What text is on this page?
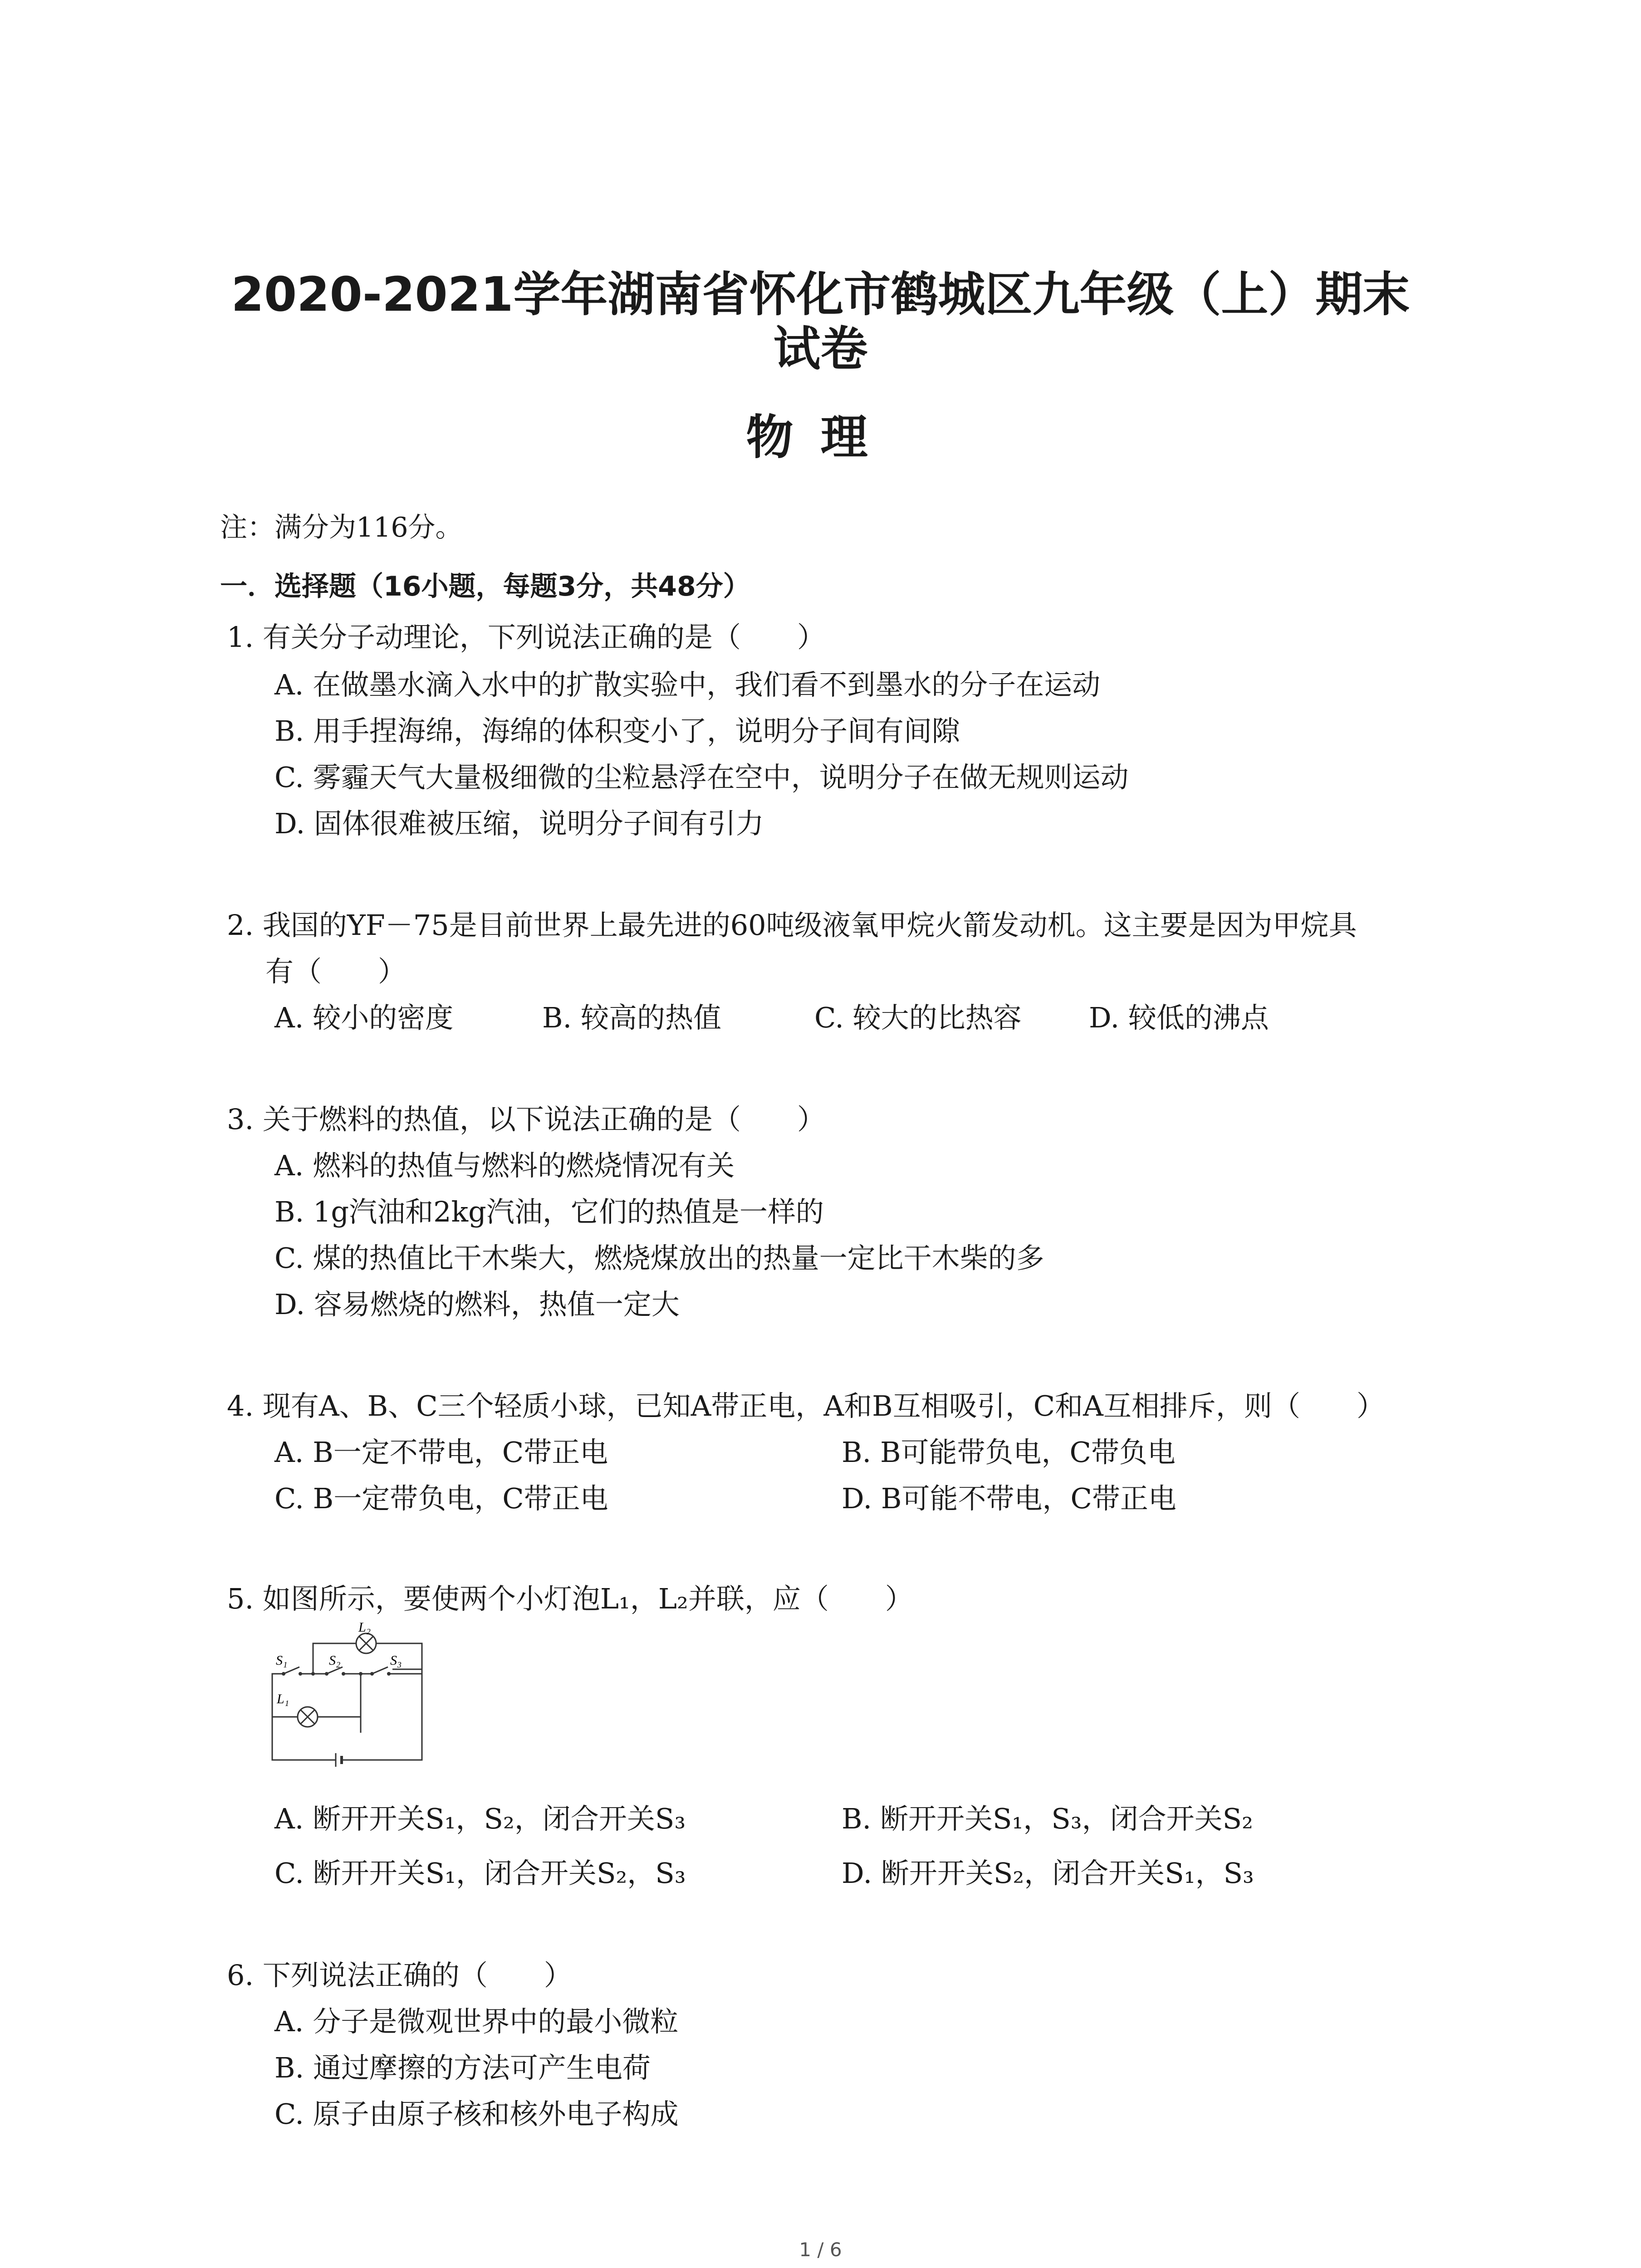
2020-2021学年湖南省怀化市鹤城区九年级（上）期末
试卷
物理
注：满分为116分。
一．选择题（16小题，每题3分，共48分）
1. 有关分子动理论，下列说法正确的是（　　）
A. 在做墨水滴入水中的扩散实验中，我们看不到墨水的分子在运动
B. 用手捏海绵，海绵的体积变小了，说明分子间有间隙
C. 雾霾天气大量极细微的尘粒悬浮在空中，说明分子在做无规则运动
D. 固体很难被压缩，说明分子间有引力
2. 我国的YF－75是目前世界上最先进的60吨级液氧甲烷火箭发动机。这主要是因为甲烷具
有（　　）
A. 较小的密度	B. 较高的热值	C. 较大的比热容 D. 较低的沸点
3. 关于燃料的热值，以下说法正确的是（　　）
A. 燃料的热值与燃料的燃烧情况有关
B. 1g汽油和2kg汽油，它们的热值是一样的
C. 煤的热值比干木柴大，燃烧煤放出的热量一定比干木柴的多
D. 容易燃烧的燃料，热值一定大
4. 现有A、B、C三个轻质小球，已知A带正电，A和B互相吸引，C和A互相排斥，则（　　）
A. B一定不带电，C带正电	B. B可能带负电，C带负电
C. B一定带负电，C带正电	D. B可能不带电，C带正电
5. 如图所示，要使两个小灯泡L₁，L₂并联，应（　　）
L₂
L₁
S₁	S₂	S₃
A. 断开开关S₁，S₂，闭合开关S₃	B. 断开开关S₁，S₃，闭合开关S₂
C. 断开开关S₁，闭合开关S₂，S₃	D. 断开开关S₂，闭合开关S₁，S₃
6. 下列说法正确的（　　）
A. 分子是微观世界中的最小微粒
B. 通过摩擦的方法可产生电荷
C. 原子由原子核和核外电子构成
1 / 6
